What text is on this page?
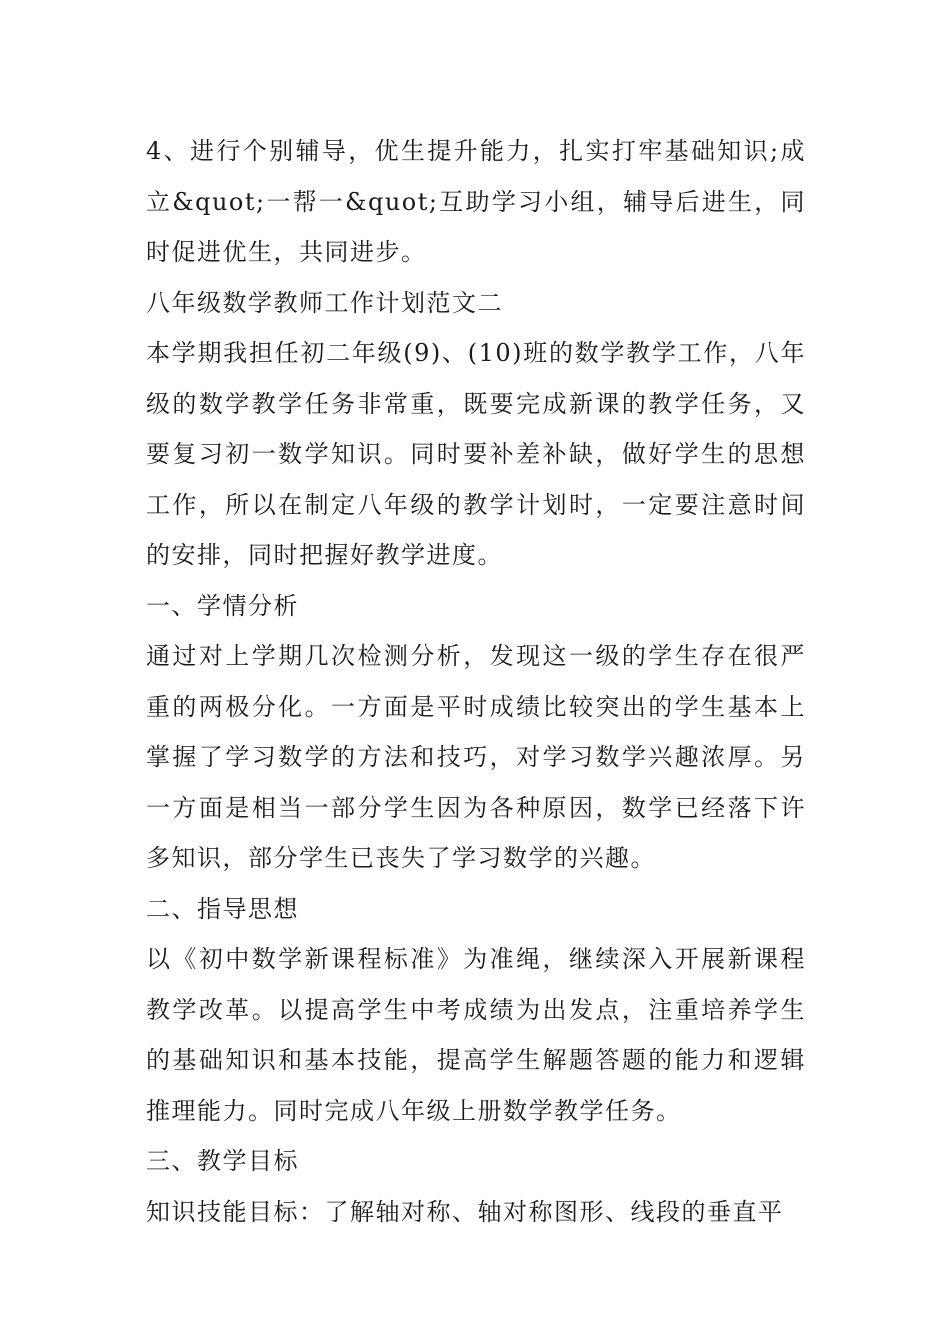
4、进行个别辅导，优生提升能力，扎实打牢基础知识;成立&quot;一帮一&quot;互助学习小组，辅导后进生，同时促进优生，共同进步。

八年级数学教师工作计划范文二

本学期我担任初二年级(9)、(10)班的数学教学工作，八年级的数学教学任务非常重，既要完成新课的教学任务，又要复习初一数学知识。同时要补差补缺，做好学生的思想工作，所以在制定八年级的教学计划时，一定要注意时间的安排，同时把握好教学进度。

一、学情分析

通过对上学期几次检测分析，发现这一级的学生存在很严重的两极分化。一方面是平时成绩比较突出的学生基本上掌握了学习数学的方法和技巧，对学习数学兴趣浓厚。另一方面是相当一部分学生因为各种原因，数学已经落下许多知识，部分学生已丧失了学习数学的兴趣。

二、指导思想

以《初中数学新课程标准》为准绳，继续深入开展新课程教学改革。以提高学生中考成绩为出发点，注重培养学生的基础知识和基本技能，提高学生解题答题的能力和逻辑推理能力。同时完成八年级上册数学教学任务。

三、教学目标

知识技能目标：了解轴对称、轴对称图形、线段的垂直平
